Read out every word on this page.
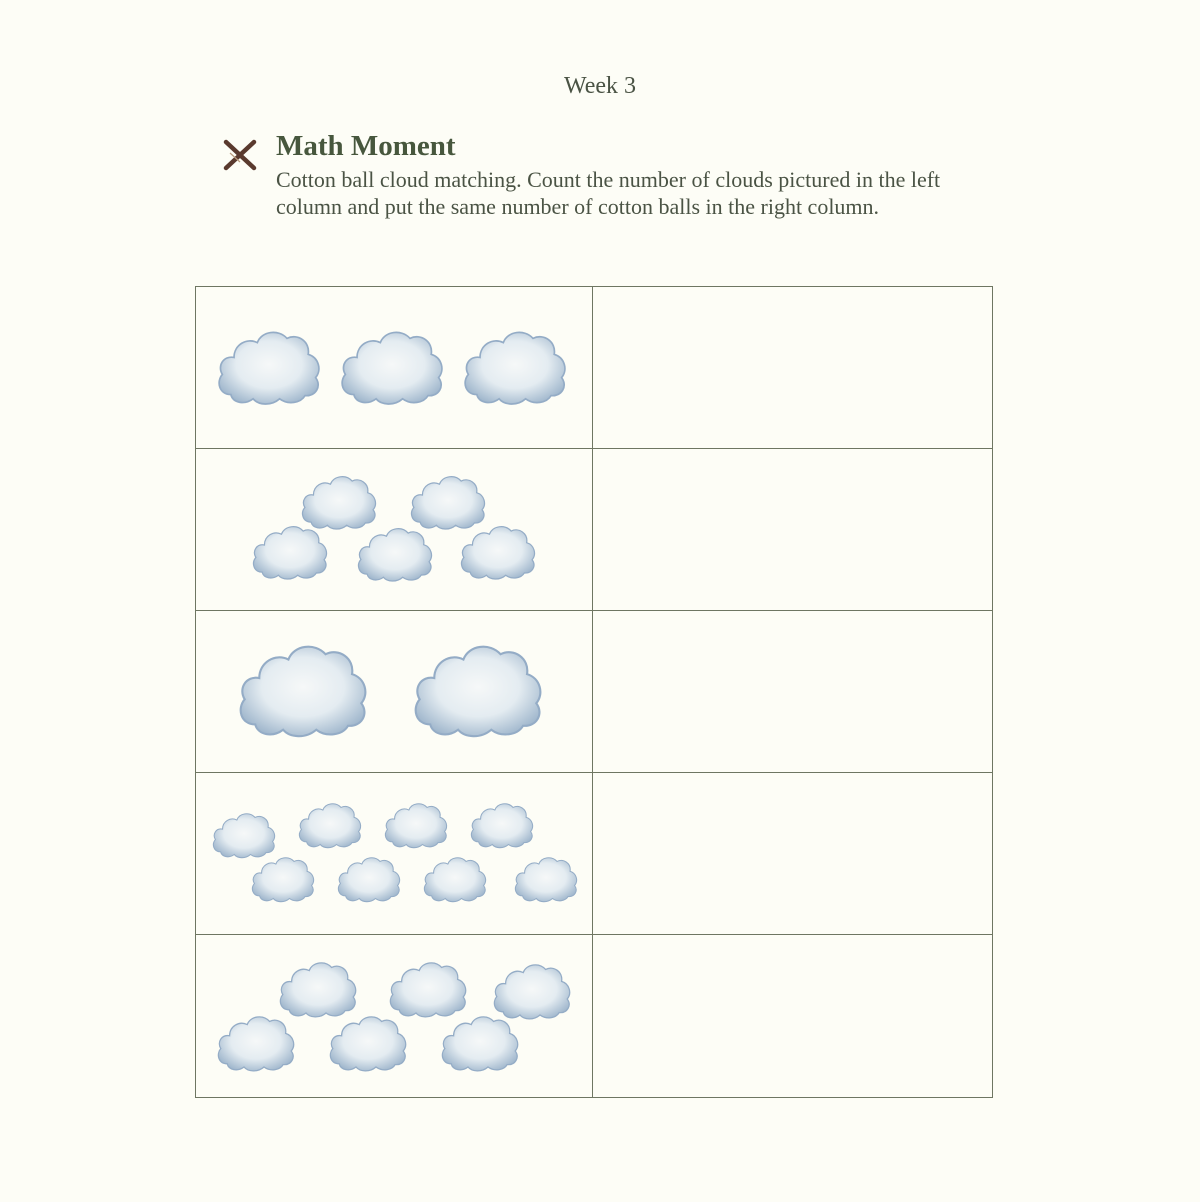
Week 3
Math Moment
Cotton ball cloud matching. Count the number of clouds pictured in the left column and put the same number of cotton balls in the right column.
